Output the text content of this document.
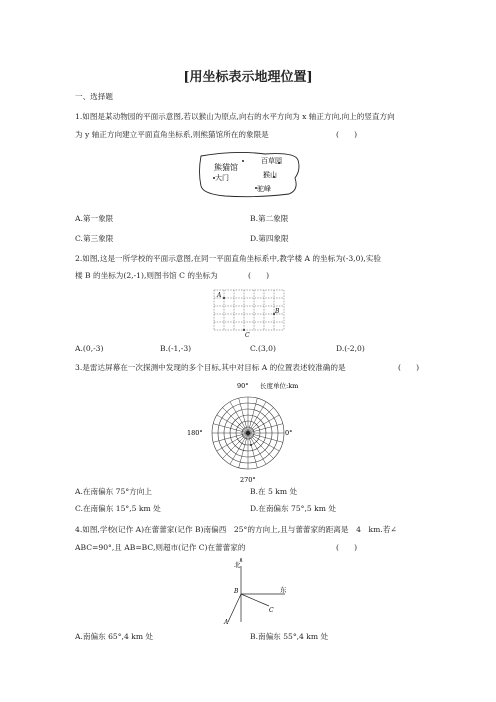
[用坐标表示地理位置]
一、选择题
1.如图是某动物园的平面示意图,若以猴山为原点,向右的水平方向为 x 轴正方向,向上的竖直方向
为 y 轴正方向建立平面直角坐标系,则熊猫馆所在的象限是	(　　)
熊猫馆
百草园
猴山
大门
驼峰
A.第一象限	B.第二象限
C.第三象限	D.第四象限
2.如图,这是一所学校的平面示意图,在同一平面直角坐标系中,教学楼 A 的坐标为(-3,0),实验
楼 B 的坐标为(2,-1),则图书馆 C 的坐标为	(　　)
A
B
C
A.(0,-3)	B.(-1,-3)	C.(3,0)	D.(-2,0)
3.是雷达屏幕在一次探测中发现的多个目标,其中对目标 A 的位置表述较准确的是	(　　)
90° 长度单位:km
180°	0°
270°
A.在南偏东 75°方向上	B.在 5 km 处
C.在南偏东 15°,5 km 处	D.在南偏东 75°,5 km 处
4.如图,学校(记作 A)在蕾蕾家(记作 B)南偏西　25°的方向上,且与蕾蕾家的距离是　4　km.若∠
ABC=90°,且 AB=BC,则超市(记作 C)在蕾蕾家的	(　　)
北
东
B
A
C
A.南偏东 65°,4 km 处	B.南偏东 55°,4 km 处
